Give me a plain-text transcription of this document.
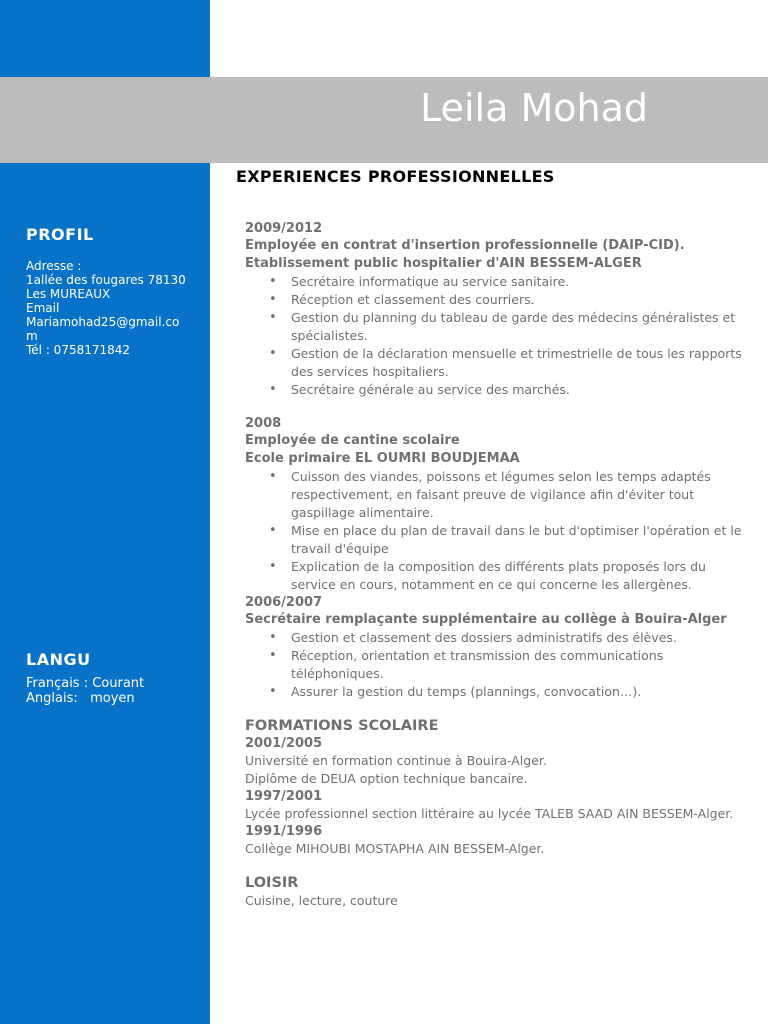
Leila Mohad
PROFIL
Adresse :
1allée des fougares 78130
Les MUREAUX
Email
Mariamohad25@gmail.co
m
Tél : 0758171842
LANGU
Français : Courant
Anglais:   moyen
EXPERIENCES PROFESSIONNELLES
2009/2012
Employée en contrat d'insertion professionnelle (DAIP-CID).
Etablissement public hospitalier d'AIN BESSEM-ALGER
• Secrétaire informatique au service sanitaire.
• Réception et classement des courriers.
• Gestion du planning du tableau de garde des médecins généralistes et spécialistes.
• Gestion de la déclaration mensuelle et trimestrielle de tous les rapports des services hospitaliers.
• Secrétaire générale au service des marchés.
2008
Employée de cantine scolaire
Ecole primaire EL OUMRI BOUDJEMAA
• Cuisson des viandes, poissons et légumes selon les temps adaptés respectivement, en faisant preuve de vigilance afin d'éviter tout gaspillage alimentaire.
• Mise en place du plan de travail dans le but d'optimiser l'opération et le travail d'équipe
• Explication de la composition des différents plats proposés lors du service en cours, notamment en ce qui concerne les allergènes.
2006/2007
Secrétaire remplaçante supplémentaire au collège à Bouira-Alger
• Gestion et classement des dossiers administratifs des élèves.
• Réception, orientation et transmission des communications téléphoniques.
• Assurer la gestion du temps (plannings, convocation…).
FORMATIONS SCOLAIRE
2001/2005
Université en formation continue à Bouira-Alger.
Diplôme de DEUA option technique bancaire.
1997/2001
Lycée professionnel section littéraire au lycée TALEB SAAD AIN BESSEM-Alger.
1991/1996
Collège MIHOUBI MOSTAPHA AIN BESSEM-Alger.
LOISIR
Cuisine, lecture, couture
